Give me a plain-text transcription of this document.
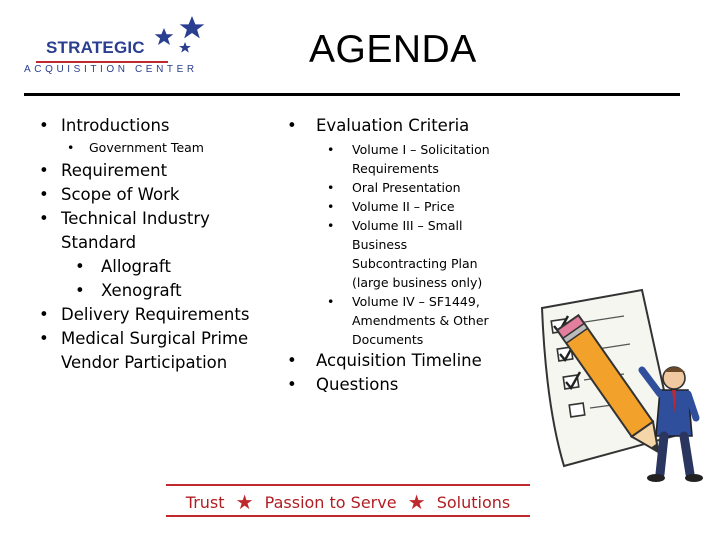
STRATEGIC
ACQUISITION CENTER	AGENDA
• Introductions
• Government Team
• Requirement
• Scope of Work
• Technical Industry
Standard
• Allograft
• Xenograft
• Delivery Requirements
• Medical Surgical Prime
Vendor Participation
• Evaluation Criteria
• Volume I – Solicitation
Requirements
• Oral Presentation
• Volume II – Price
• Volume III – Small
Business
Subcontracting Plan
(large business only)
• Volume IV – SF1449,
Amendments & Other
Documents
• Acquisition Timeline
• Questions
Trust ★ Passion to Serve ★ Solutions
